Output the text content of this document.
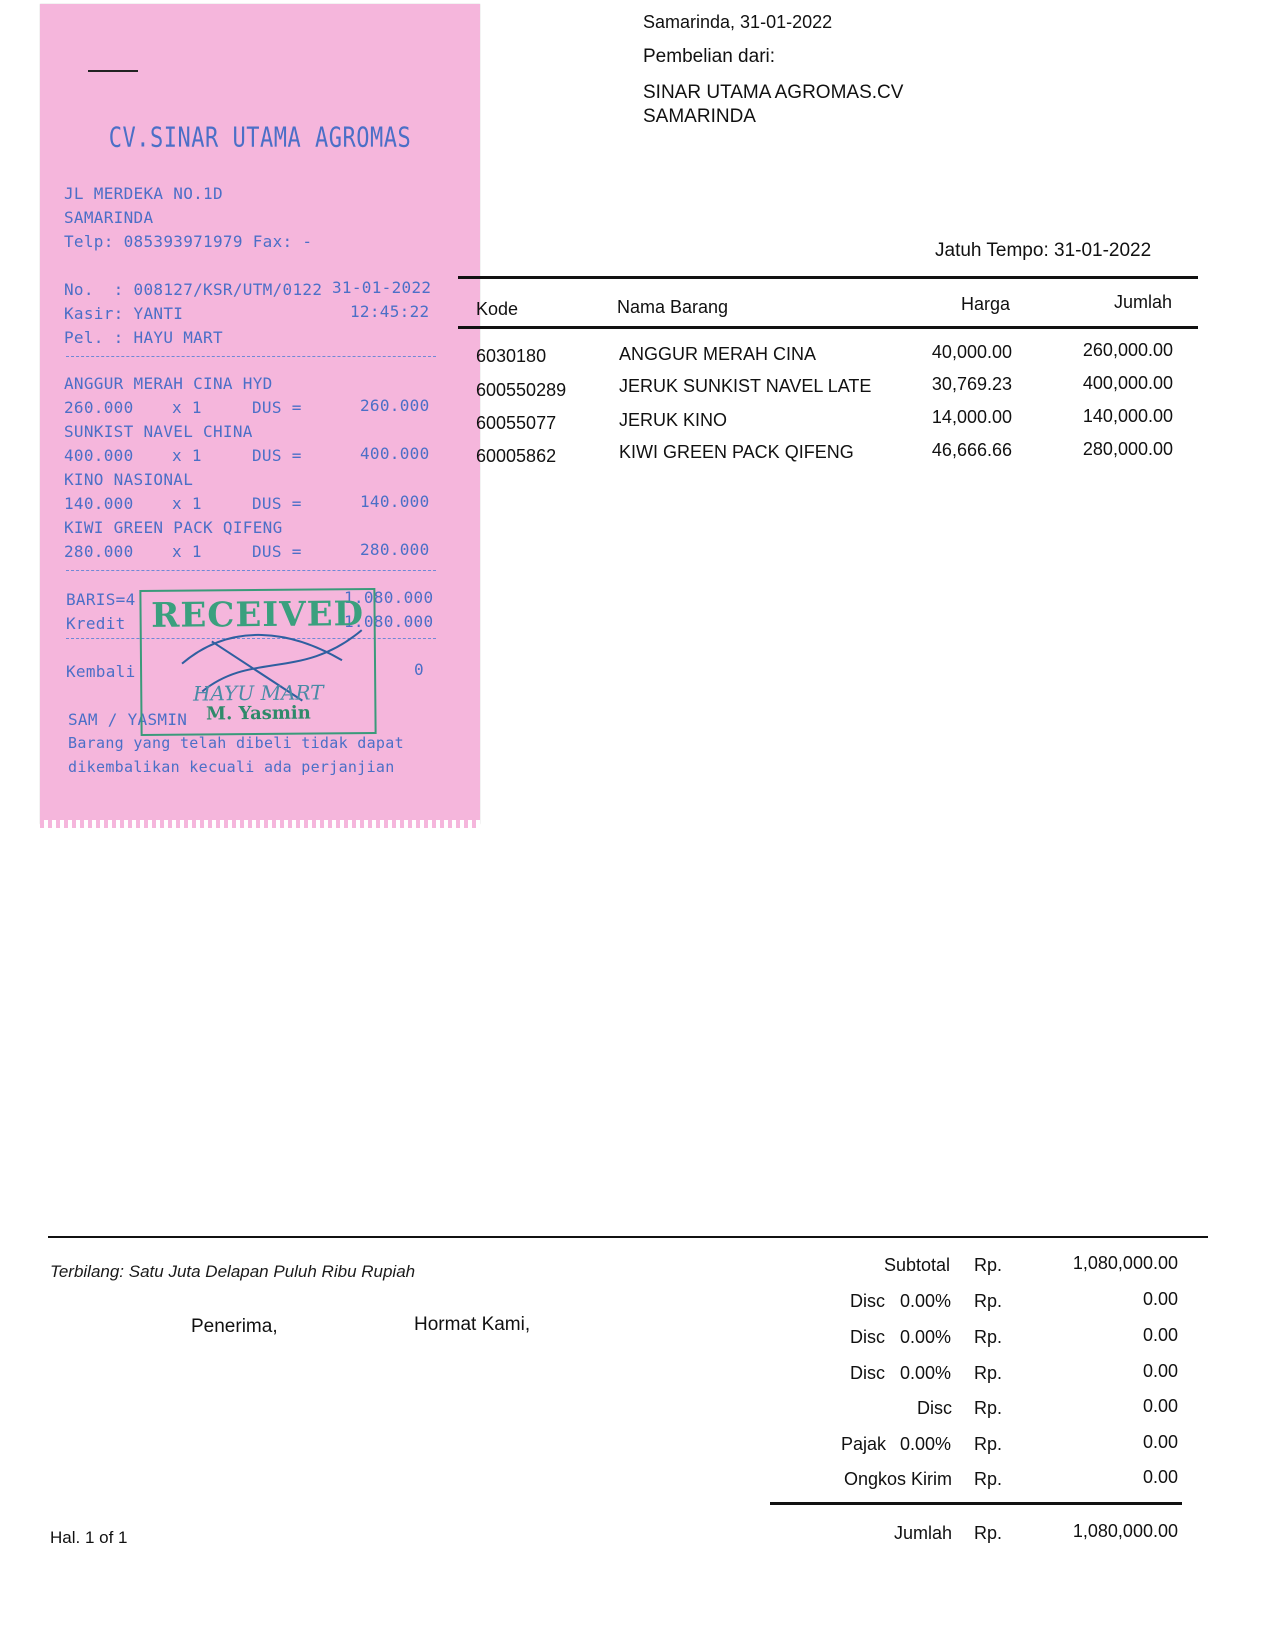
CV.SINAR UTAMA AGROMAS
JL MERDEKA NO.1D
SAMARINDA
Telp: 085393971979 Fax: -
No.  : 008127/KSR/UTM/0122 31-01-2022
Kasir: YANTI	12:45:22
Pel. : HAYU MART
ANGGUR MERAH CINA HYD
260.000 x 1	DUS =	260.000
SUNKIST NAVEL CHINA
400.000 x 1	DUS =	400.000
KINO NASIONAL
140.000 x 1	DUS =	140.000
KIWI GREEN PACK QIFENG
280.000 x 1	DUS =	280.000
BARIS=4	1.080.000
Kredit	1.080.000
Kembali	0
SAM / YASMIN
Barang yang telah dibeli tidak dapat
dikembalikan kecuali ada perjanjian
RECEIVED
HAYU MART
M. Yasmin
Samarinda, 31-01-2022
Pembelian dari:
SINAR UTAMA AGROMAS.CV
SAMARINDA
Jatuh Tempo: 31-01-2022
Kode	Nama Barang	Harga	Jumlah
6030180	ANGGUR MERAH CINA	40,000.00	260,000.00
600550289	JERUK SUNKIST NAVEL LATE	30,769.23	400,000.00
60055077	JERUK KINO	14,000.00	140,000.00
60005862	KIWI GREEN PACK QIFENG	46,666.66	280,000.00
Terbilang: Satu Juta Delapan Puluh Ribu Rupiah
Penerima,	Hormat Kami,
Subtotal Rp.	1,080,000.00
Disc 0.00% Rp.	0.00
Disc 0.00% Rp.	0.00
Disc 0.00% Rp.	0.00
Disc Rp.	0.00
Pajak 0.00% Rp.	0.00
Ongkos Kirim Rp.	0.00
Hal. 1 of 1	Jumlah Rp.	1,080,000.00
